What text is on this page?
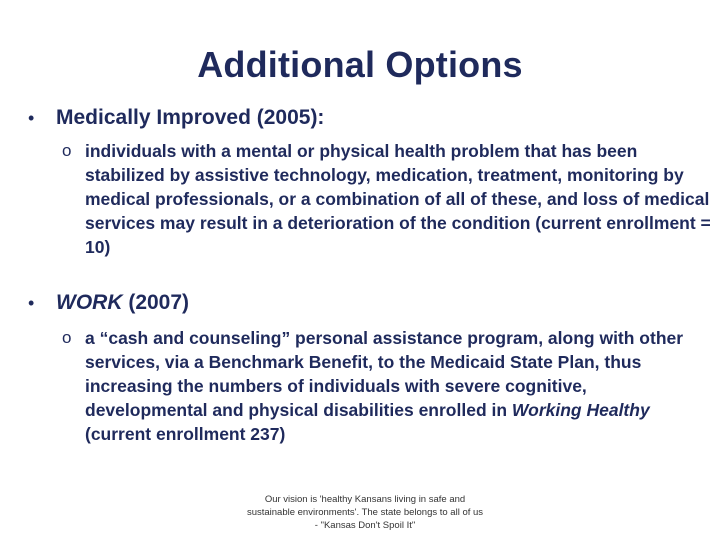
Additional Options
•	Medically Improved (2005):
o individuals with a mental or physical health problem that has been stabilized by assistive technology, medication, treatment, monitoring by medical professionals, or a combination of all of these, and loss of medical services may result in a deterioration of the condition (current enrollment = 10)
•	WORK (2007)
o a “cash and counseling” personal assistance program, along with other services, via a Benchmark Benefit, to the Medicaid State Plan, thus increasing the numbers of individuals with severe cognitive, developmental and physical disabilities enrolled in Working Healthy (current enrollment 237)
Our vision is 'healthy Kansans living in safe and sustainable environments'. The state belongs to all of us - "Kansas Don't Spoil It"
